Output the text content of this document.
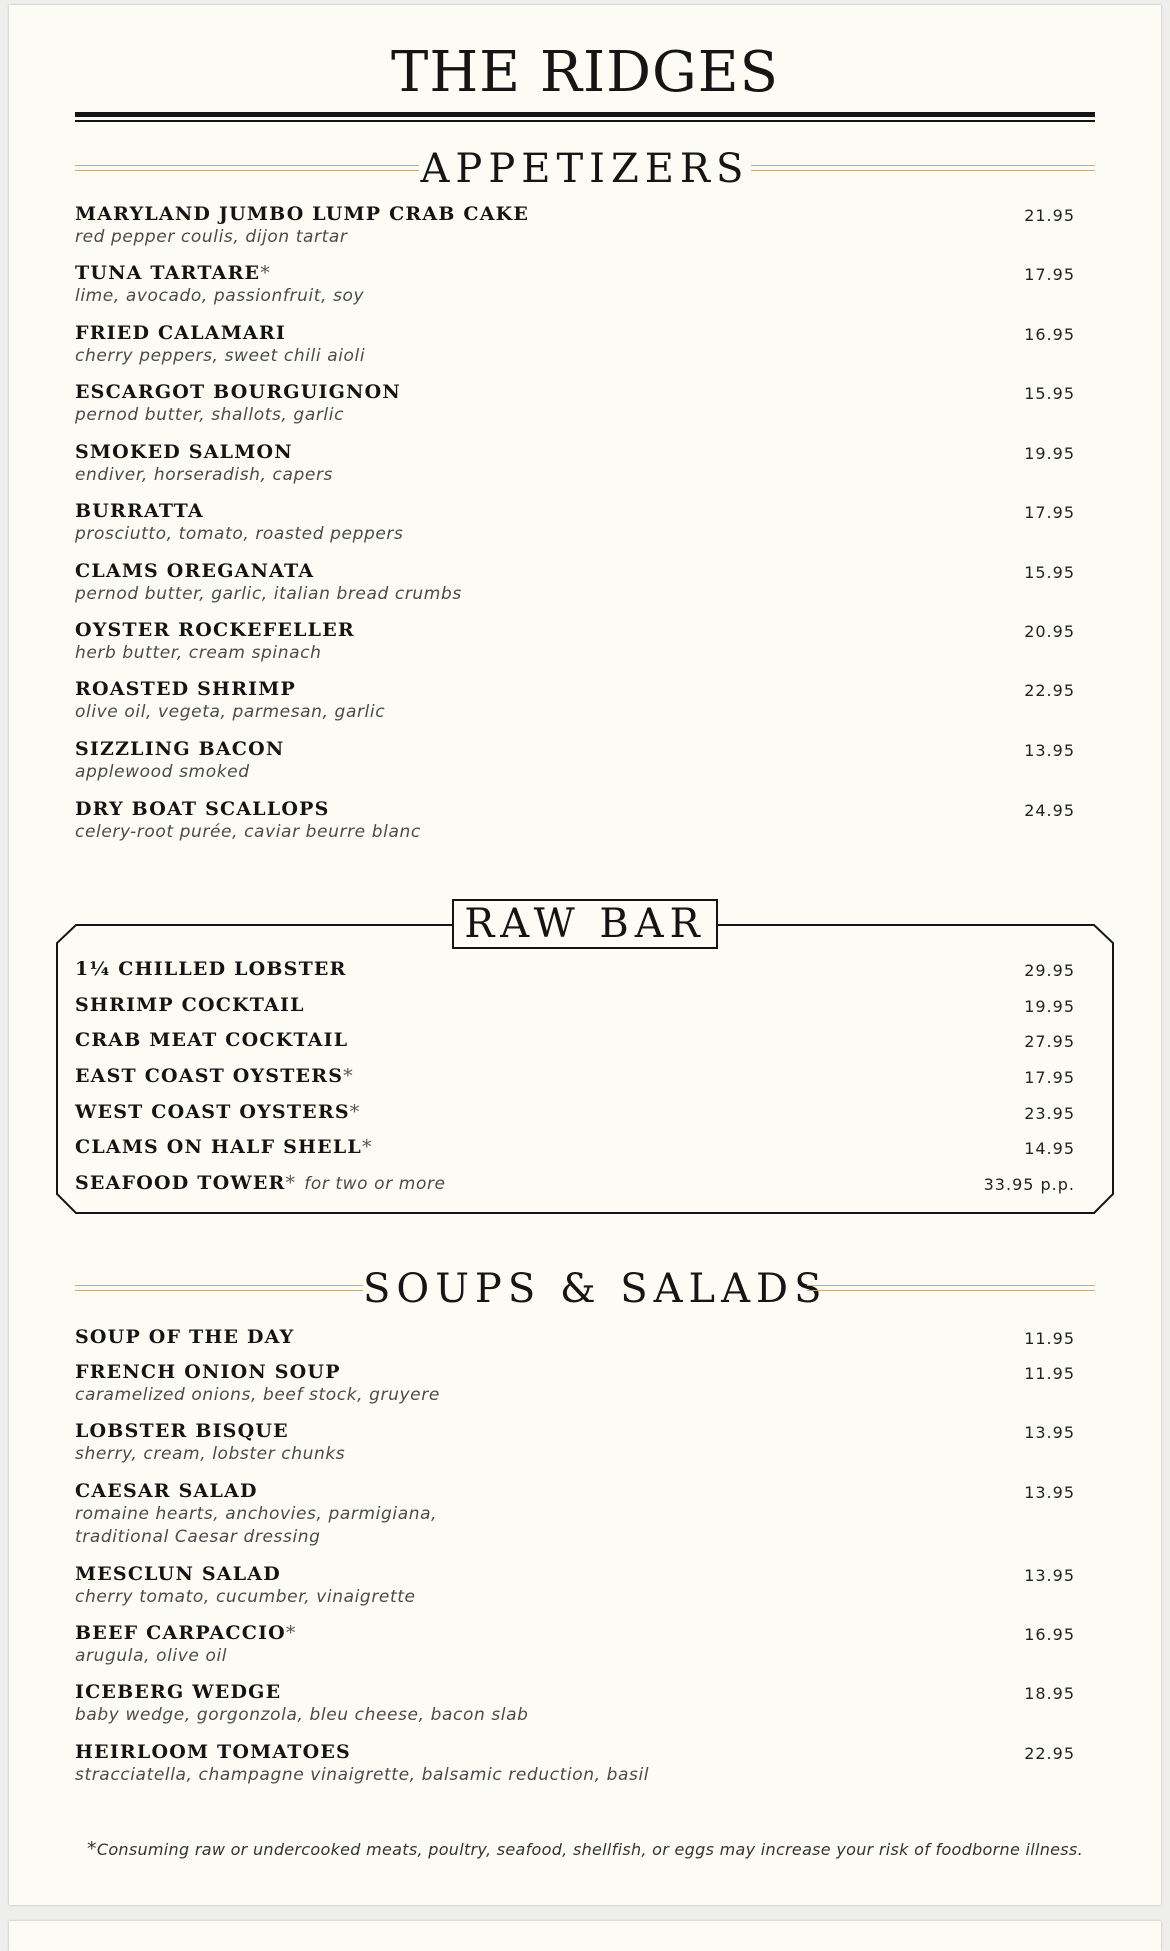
THE RIDGES
APPETIZERS
MARYLAND JUMBO LUMP CRAB CAKE
red pepper coulis, dijon tartar
21.95
TUNA TARTARE*
lime, avocado, passionfruit, soy
17.95
FRIED CALAMARI
cherry peppers, sweet chili aioli
16.95
ESCARGOT BOURGUIGNON
pernod butter, shallots, garlic
15.95
SMOKED SALMON
endiver, horseradish, capers
19.95
BURRATTA
prosciutto, tomato, roasted peppers
17.95
CLAMS OREGANATA
pernod butter, garlic, italian bread crumbs
15.95
OYSTER ROCKEFELLER
herb butter, cream spinach
20.95
ROASTED SHRIMP
olive oil, vegeta, parmesan, garlic
22.95
SIZZLING BACON
applewood smoked
13.95
DRY BOAT SCALLOPS
celery-root purée, caviar beurre blanc
24.95
RAW BAR
1¼ CHILLED LOBSTER	29.95
SHRIMP COCKTAIL	19.95
CRAB MEAT COCKTAIL	27.95
EAST COAST OYSTERS*	17.95
WEST COAST OYSTERS*	23.95
CLAMS ON HALF SHELL*	14.95
SEAFOOD TOWER* for two or more	33.95 p.p.
SOUPS & SALADS
SOUP OF THE DAY	11.95
FRENCH ONION SOUP
caramelized onions, beef stock, gruyere
11.95
LOBSTER BISQUE
sherry, cream, lobster chunks
13.95
CAESAR SALAD
romaine hearts, anchovies, parmigiana,
traditional Caesar dressing
13.95
MESCLUN SALAD
cherry tomato, cucumber, vinaigrette
13.95
BEEF CARPACCIO*
arugula, olive oil
16.95
ICEBERG WEDGE
baby wedge, gorgonzola, bleu cheese, bacon slab
18.95
HEIRLOOM TOMATOES
stracciatella, champagne vinaigrette, balsamic reduction, basil
22.95
*Consuming raw or undercooked meats, poultry, seafood, shellfish, or eggs may increase your risk of foodborne illness.
